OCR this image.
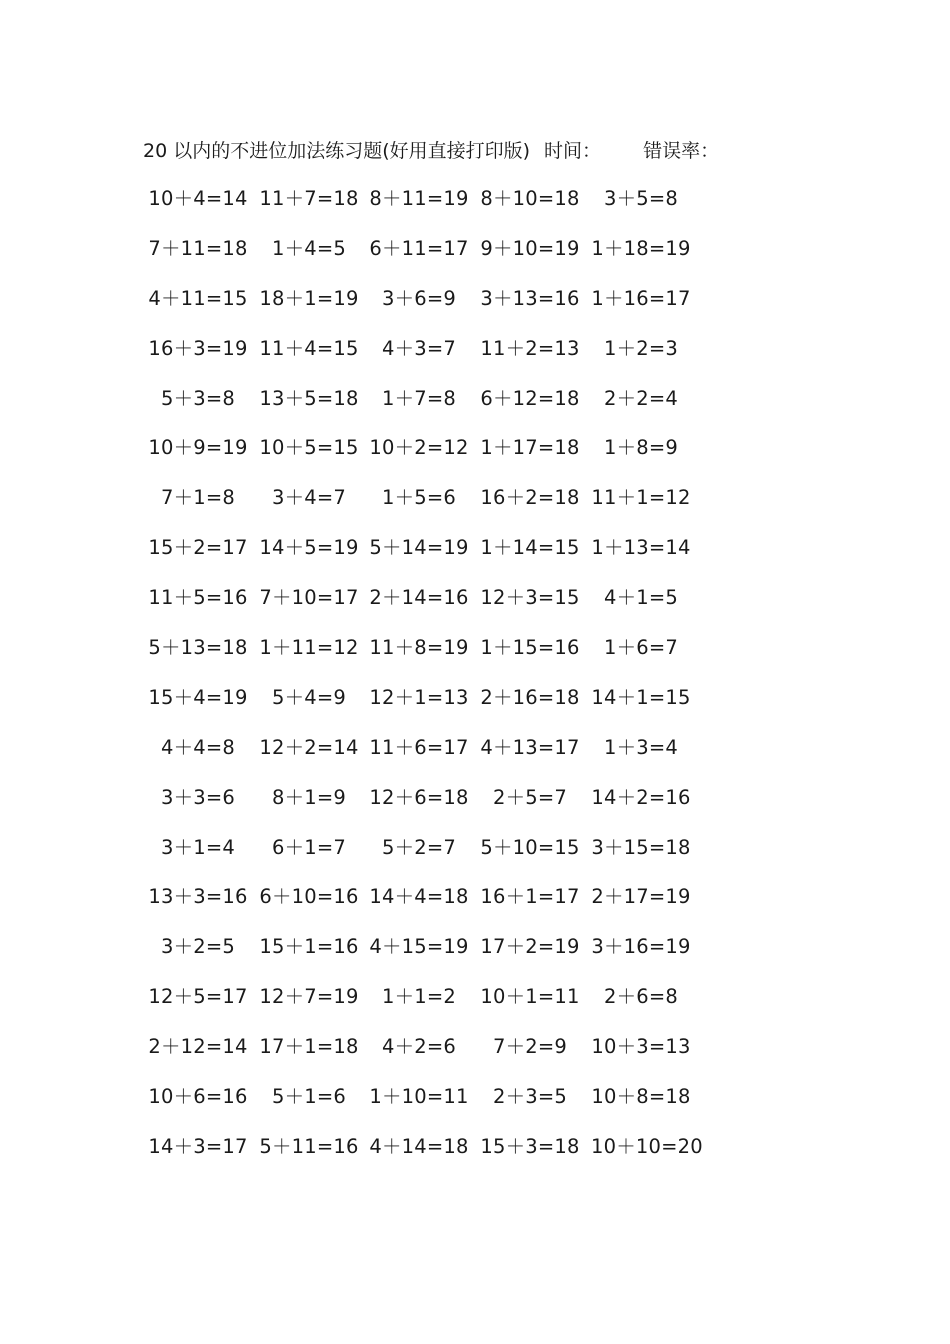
20 以内的不进位加法练习题(好用直接打印版) 时间： 错误率：
10＋4=14 11＋7=18 8＋11=19 8＋10=18	3＋5=8
7＋11=18	1＋4=5	6＋11=17 9＋10=19 1＋18=19
4＋11=15 18＋1=19	3＋6=9	3＋13=16 1＋16=17
16＋3=19 11＋4=15	4＋3=7	11＋2=13	1＋2=3
5＋3=8	13＋5=18	1＋7=8	6＋12=18	2＋2=4
10＋9=19 10＋5=15 10＋2=12 1＋17=18	1＋8=9
7＋1=8	3＋4=7	1＋5=6	16＋2=18 11＋1=12
15＋2=17 14＋5=19 5＋14=19 1＋14=15 1＋13=14
11＋5=16 7＋10=17 2＋14=16 12＋3=15	4＋1=5
5＋13=18 1＋11=12 11＋8=19 1＋15=16	1＋6=7
15＋4=19	5＋4=9	12＋1=13 2＋16=18 14＋1=15
4＋4=8	12＋2=14 11＋6=17 4＋13=17	1＋3=4
3＋3=6	8＋1=9	12＋6=18	2＋5=7	14＋2=16
3＋1=4	6＋1=7	5＋2=7	5＋10=15 3＋15=18
13＋3=16 6＋10=16 14＋4=18 16＋1=17 2＋17=19
3＋2=5	15＋1=16 4＋15=19 17＋2=19 3＋16=19
12＋5=17 12＋7=19	1＋1=2	10＋1=11	2＋6=8
2＋12=14 17＋1=18	4＋2=6	7＋2=9	10＋3=13
10＋6=16	5＋1=6	1＋10=11	2＋3=5	10＋8=18
14＋3=17 5＋11=16 4＋14=18 15＋3=18 10＋10=20
